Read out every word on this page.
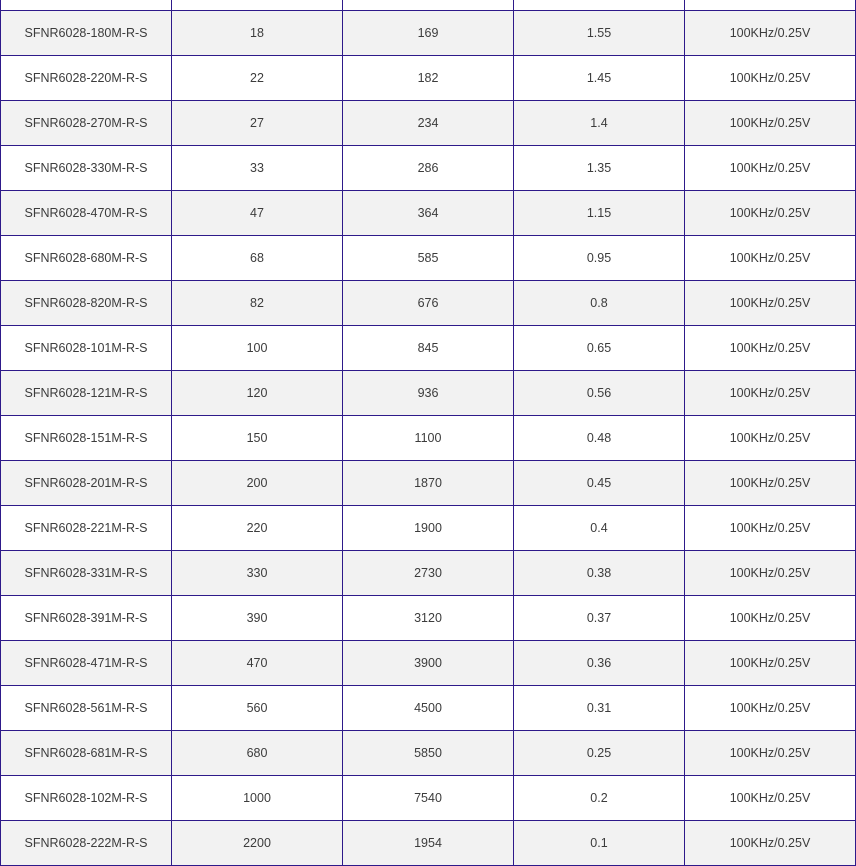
SFNR6028-180M-R-S	18	169	1.55	100KHz/0.25V
SFNR6028-220M-R-S	22	182	1.45	100KHz/0.25V
SFNR6028-270M-R-S	27	234	1.4	100KHz/0.25V
SFNR6028-330M-R-S	33	286	1.35	100KHz/0.25V
SFNR6028-470M-R-S	47	364	1.15	100KHz/0.25V
SFNR6028-680M-R-S	68	585	0.95	100KHz/0.25V
SFNR6028-820M-R-S	82	676	0.8	100KHz/0.25V
SFNR6028-101M-R-S	100	845	0.65	100KHz/0.25V
SFNR6028-121M-R-S	120	936	0.56	100KHz/0.25V
SFNR6028-151M-R-S	150	1100	0.48	100KHz/0.25V
SFNR6028-201M-R-S	200	1870	0.45	100KHz/0.25V
SFNR6028-221M-R-S	220	1900	0.4	100KHz/0.25V
SFNR6028-331M-R-S	330	2730	0.38	100KHz/0.25V
SFNR6028-391M-R-S	390	3120	0.37	100KHz/0.25V
SFNR6028-471M-R-S	470	3900	0.36	100KHz/0.25V
SFNR6028-561M-R-S	560	4500	0.31	100KHz/0.25V
SFNR6028-681M-R-S	680	5850	0.25	100KHz/0.25V
SFNR6028-102M-R-S	1000	7540	0.2	100KHz/0.25V
SFNR6028-222M-R-S	2200	1954	0.1	100KHz/0.25V
